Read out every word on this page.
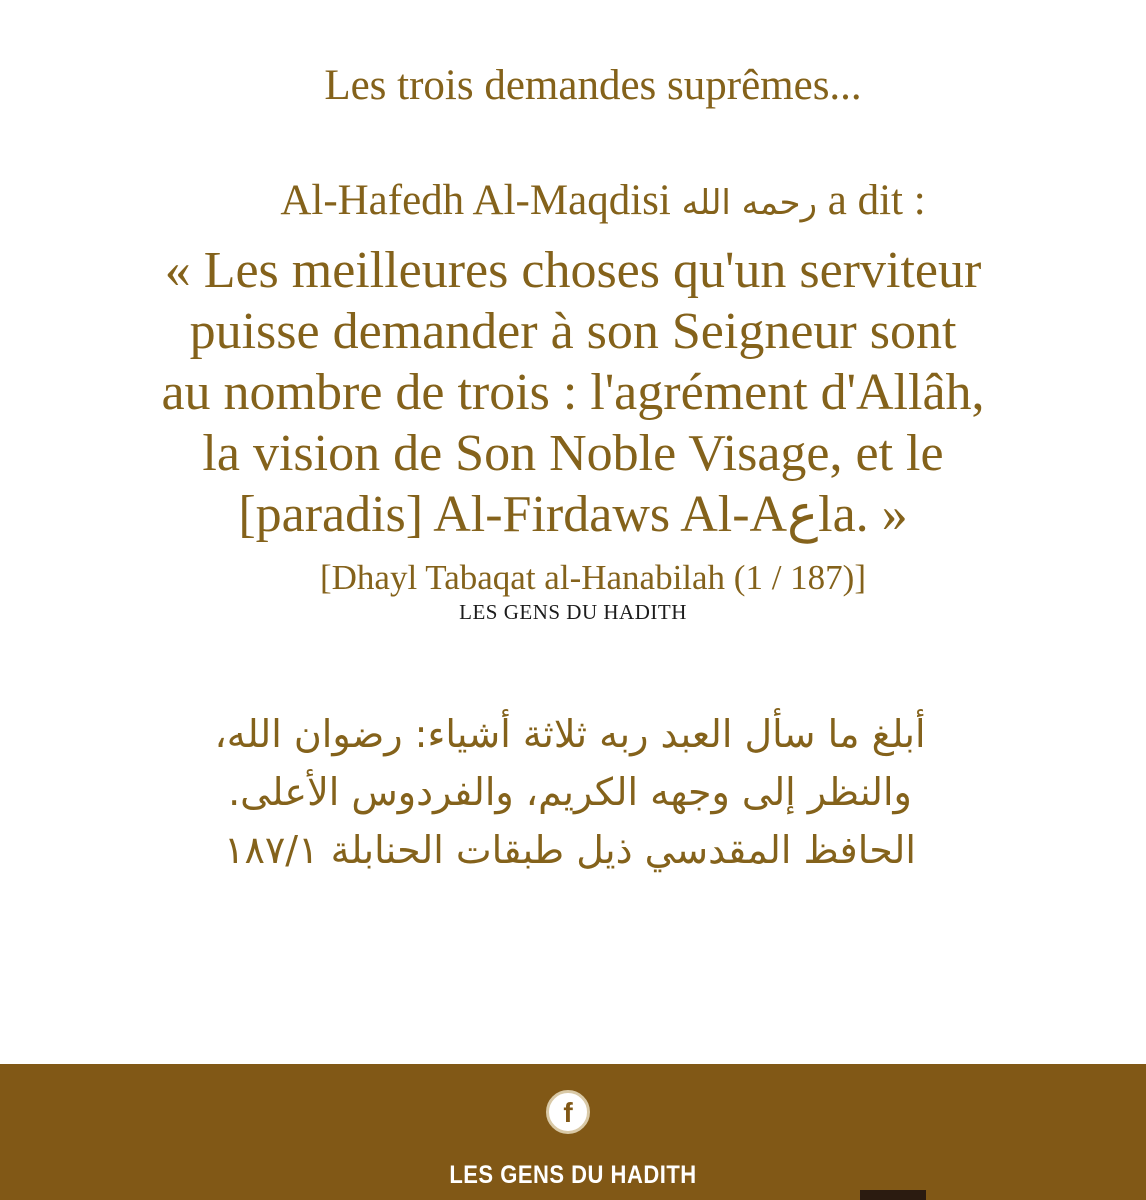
Les trois demandes suprêmes...
Al-Hafedh Al-Maqdisi رحمه الله a dit :
« Les meilleures choses qu'un serviteur
puisse demander à son Seigneur sont
au nombre de trois : l'agrément d'Allâh,
la vision de Son Noble Visage, et le
[paradis] Al-Firdaws Al-Aعla. »
[Dhayl Tabaqat al-Hanabilah (1 / 187)]
LES GENS DU HADITH
أبلغ ما سأل العبد ربه ثلاثة أشياء: رضوان الله،
والنظر إلى وجهه الكريم، والفردوس الأعلى.
الحافظ المقدسي ذيل طبقات الحنابلة ١٨٧/١
f
LES GENS DU HADITH
